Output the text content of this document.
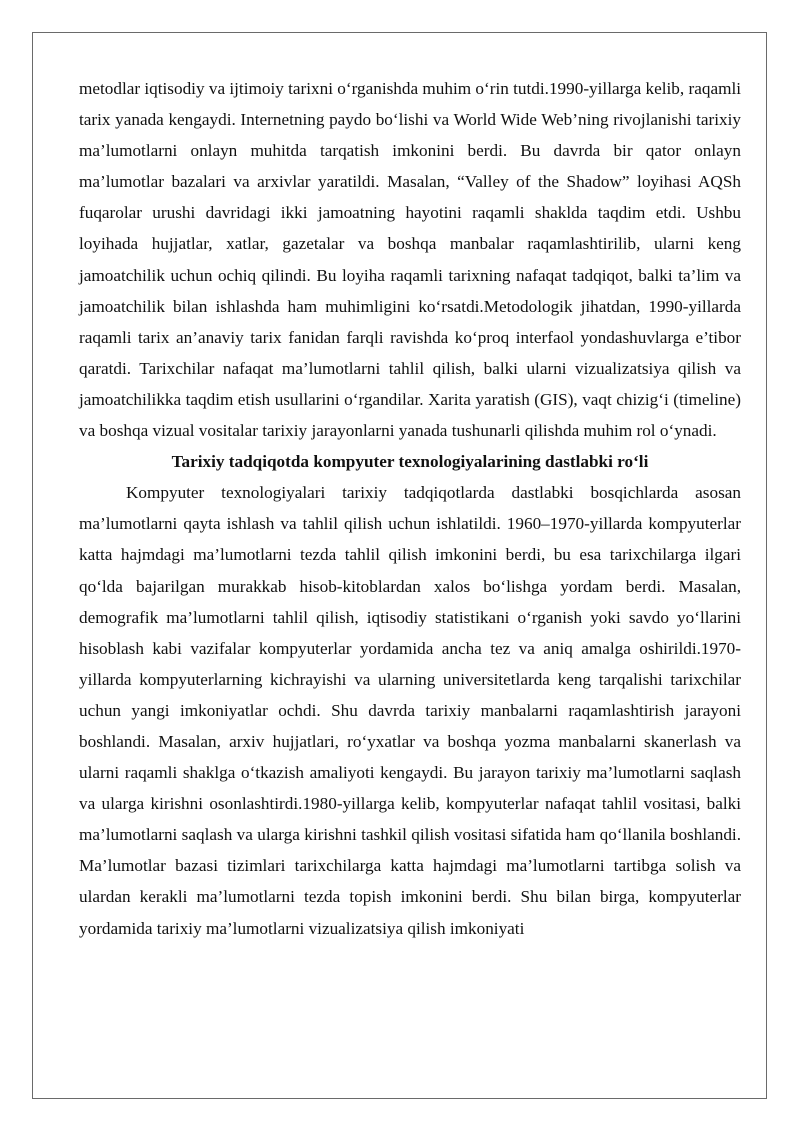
metodlar iqtisodiy va ijtimoiy tarixni o‘rganishda muhim o‘rin tutdi.1990-yillarga kelib, raqamli tarix yanada kengaydi. Internetning paydo bo‘lishi va World Wide Web’ning rivojlanishi tarixiy ma’lumotlarni onlayn muhitda tarqatish imkonini berdi. Bu davrda bir qator onlayn ma’lumotlar bazalari va arxivlar yaratildi. Masalan, “Valley of the Shadow” loyihasi AQSh fuqarolar urushi davridagi ikki jamoatning hayotini raqamli shaklda taqdim etdi. Ushbu loyihada hujjatlar, xatlar, gazetalar va boshqa manbalar raqamlashtirilib, ularni keng jamoatchilik uchun ochiq qilindi. Bu loyiha raqamli tarixning nafaqat tadqiqot, balki ta’lim va jamoatchilik bilan ishlashda ham muhimligini ko‘rsatdi.Metodologik jihatdan, 1990-yillarda raqamli tarix an’anaviy tarix fanidan farqli ravishda ko‘proq interfaol yondashuvlarga e’tibor qaratdi. Tarixchilar nafaqat ma’lumotlarni tahlil qilish, balki ularni vizualizatsiya qilish va jamoatchilikka taqdim etish usullarini o‘rgandilar. Xarita yaratish (GIS), vaqt chizig‘i (timeline) va boshqa vizual vositalar tarixiy jarayonlarni yanada tushunarli qilishda muhim rol o‘ynadi.

Tarixiy tadqiqotda kompyuter texnologiyalarining dastlabki ro‘li

Kompyuter texnologiyalari tarixiy tadqiqotlarda dastlabki bosqichlarda asosan ma’lumotlarni qayta ishlash va tahlil qilish uchun ishlatildi. 1960–1970-yillarda kompyuterlar katta hajmdagi ma’lumotlarni tezda tahlil qilish imkonini berdi, bu esa tarixchilarga ilgari qo‘lda bajarilgan murakkab hisob-kitoblardan xalos bo‘lishga yordam berdi. Masalan, demografik ma’lumotlarni tahlil qilish, iqtisodiy statistikani o‘rganish yoki savdo yo‘llarini hisoblash kabi vazifalar kompyuterlar yordamida ancha tez va aniq amalga oshirildi.1970-yillarda kompyuterlarning kichrayishi va ularning universitetlarda keng tarqalishi tarixchilar uchun yangi imkoniyatlar ochdi. Shu davrda tarixiy manbalarni raqamlashtirish jarayoni boshlandi. Masalan, arxiv hujjatlari, ro‘yxatlar va boshqa yozma manbalarni skanerlash va ularni raqamli shaklga o‘tkazish amaliyoti kengaydi. Bu jarayon tarixiy ma’lumotlarni saqlash va ularga kirishni osonlashtirdi.1980-yillarga kelib, kompyuterlar nafaqat tahlil vositasi, balki ma’lumotlarni saqlash va ularga kirishni tashkil qilish vositasi sifatida ham qo‘llanila boshlandi. Ma’lumotlar bazasi tizimlari tarixchilarga katta hajmdagi ma’lumotlarni tartibga solish va ulardan kerakli ma’lumotlarni tezda topish imkonini berdi. Shu bilan birga, kompyuterlar yordamida tarixiy ma’lumotlarni vizualizatsiya qilish imkoniyati
